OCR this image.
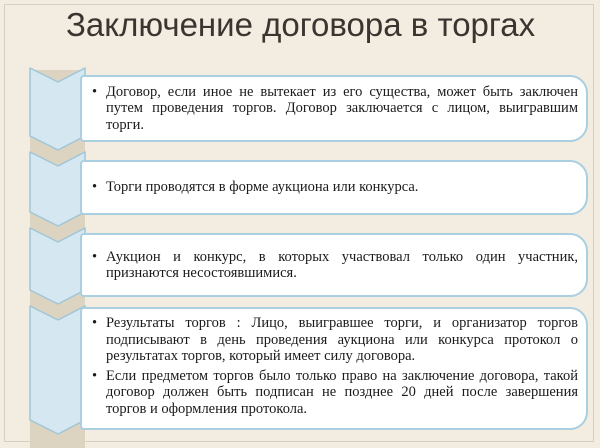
Заключение договора в торгах
• Договор, если иное не вытекает из его существа, может быть заключен путем проведения торгов. Договор заключается с лицом, выигравшим торги.
• Торги проводятся в форме аукциона или конкурса.
• Аукцион и конкурс, в которых участвовал только один участник, признаются несостоявшимися.
• Результаты торгов : Лицо, выигравшее торги, и организатор торгов подписывают в день проведения аукциона или конкурса протокол о результатах торгов, который имеет силу договора.
• Если предметом торгов было только право на заключение договора, такой договор должен быть подписан не позднее 20 дней после завершения торгов и оформления протокола.
